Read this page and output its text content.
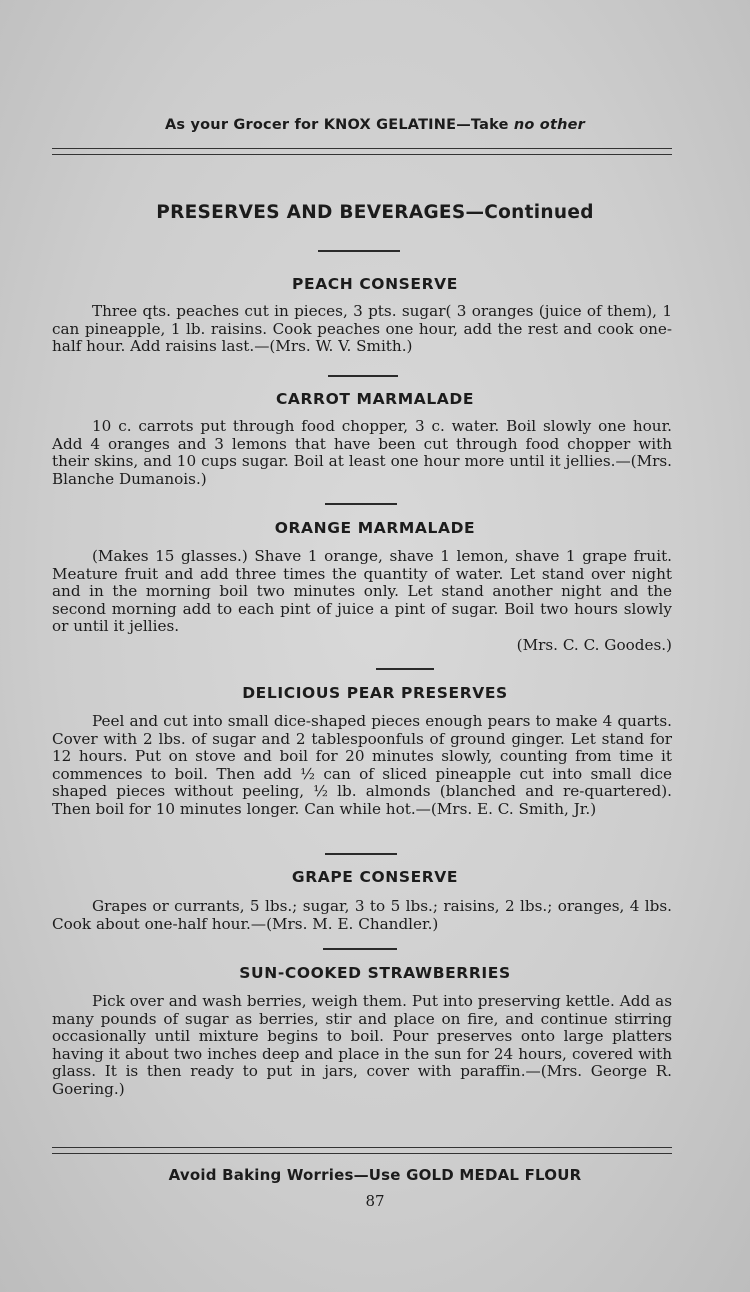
As your Grocer for KNOX GELATINE—Take no other
PRESERVES AND BEVERAGES—Continued
PEACH CONSERVE
Three qts. peaches cut in pieces, 3 pts. sugar( 3 oranges (juice of them), 1 can pineapple, 1 lb. raisins. Cook peaches one hour, add the rest and cook one-half hour. Add raisins last.—(Mrs. W. V. Smith.)
CARROT MARMALADE
10 c. carrots put through food chopper, 3 c. water. Boil slowly one hour. Add 4 oranges and 3 lemons that have been cut through food chopper with their skins, and 10 cups sugar. Boil at least one hour more until it jellies.—(Mrs. Blanche Dumanois.)
ORANGE MARMALADE
(Makes 15 glasses.) Shave 1 orange, shave 1 lemon, shave 1 grape fruit. Meature fruit and add three times the quantity of water. Let stand over night and in the morning boil two minutes only. Let stand another night and the second morning add to each pint of juice a pint of sugar. Boil two hours slowly or until it jellies.
(Mrs. C. C. Goodes.)
DELICIOUS PEAR PRESERVES
Peel and cut into small dice-shaped pieces enough pears to make 4 quarts. Cover with 2 lbs. of sugar and 2 tablespoonfuls of ground ginger. Let stand for 12 hours. Put on stove and boil for 20 minutes slowly, counting from time it commences to boil. Then add ½ can of sliced pineapple cut into small dice shaped pieces without peeling, ½ lb. almonds (blanched and re-quartered). Then boil for 10 minutes longer. Can while hot.—(Mrs. E. C. Smith, Jr.)
GRAPE CONSERVE
Grapes or currants, 5 lbs.; sugar, 3 to 5 lbs.; raisins, 2 lbs.; oranges, 4 lbs. Cook about one-half hour.—(Mrs. M. E. Chandler.)
SUN-COOKED STRAWBERRIES
Pick over and wash berries, weigh them. Put into preserving kettle. Add as many pounds of sugar as berries, stir and place on fire, and continue stirring occasionally until mixture begins to boil. Pour preserves onto large platters having it about two inches deep and place in the sun for 24 hours, covered with glass. It is then ready to put in jars, cover with paraffin.—(Mrs. George R. Goering.)
Avoid Baking Worries—Use GOLD MEDAL FLOUR
87
